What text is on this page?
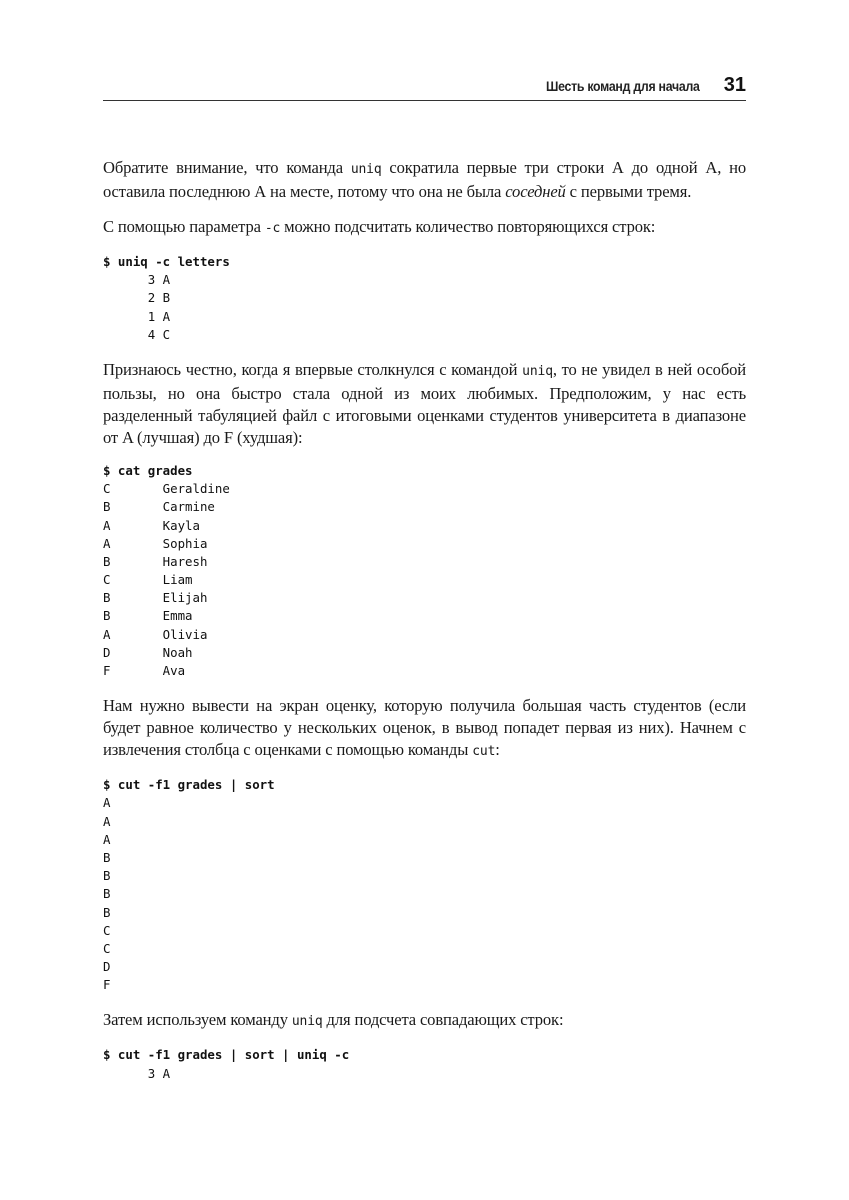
Шесть команд для начала 31

Обратите внимание, что команда uniq сократила первые три строки А до одной А, но оставила последнюю А на месте, потому что она не была соседней с первыми тремя.

С помощью параметра -c можно подсчитать количество повторяющихся строк:

$ uniq -c letters
3 A
2 B
1 A
4 C

Признаюсь честно, когда я впервые столкнулся с командой uniq, то не увидел в ней особой пользы, но она быстро стала одной из моих любимых. Предположим, у нас есть разделенный табуляцией файл с итоговыми оценками студентов университета в диапазоне от A (лучшая) до F (худшая):

$ cat grades
C       Geraldine
B       Carmine
A       Kayla
A       Sophia
B       Haresh
C       Liam
B       Elijah
B       Emma
A       Olivia
D       Noah
F       Ava

Нам нужно вывести на экран оценку, которую получила большая часть студентов (если будет равное количество у нескольких оценок, в вывод попадет первая из них). Начнем с извлечения столбца с оценками с помощью команды cut:

$ cut -f1 grades | sort
A
A
A
B
B
B
B
C
C
D
F

Затем используем команду uniq для подсчета совпадающих строк:

$ cut -f1 grades | sort | uniq -c
3 A
